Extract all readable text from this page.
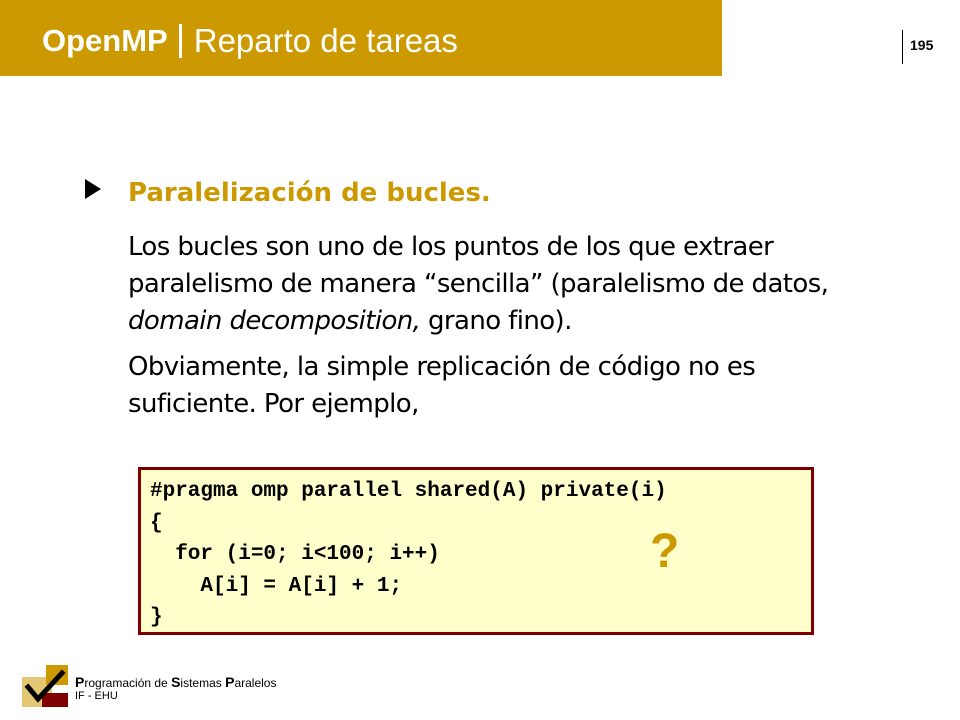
OpenMP Reparto de tareas	195
Paralelización de bucles.
Los bucles son uno de los puntos de los que extraer paralelismo de manera “sencilla” (paralelismo de datos, domain decomposition, grano fino).
Obviamente, la simple replicación de código no es suficiente. Por ejemplo,
#pragma omp parallel shared(A) private(i)
{
for (i=0; i<100; i++)
A[i] = A[i] + 1;
}
?
Programación de Sistemas Paralelos
IF - EHU
